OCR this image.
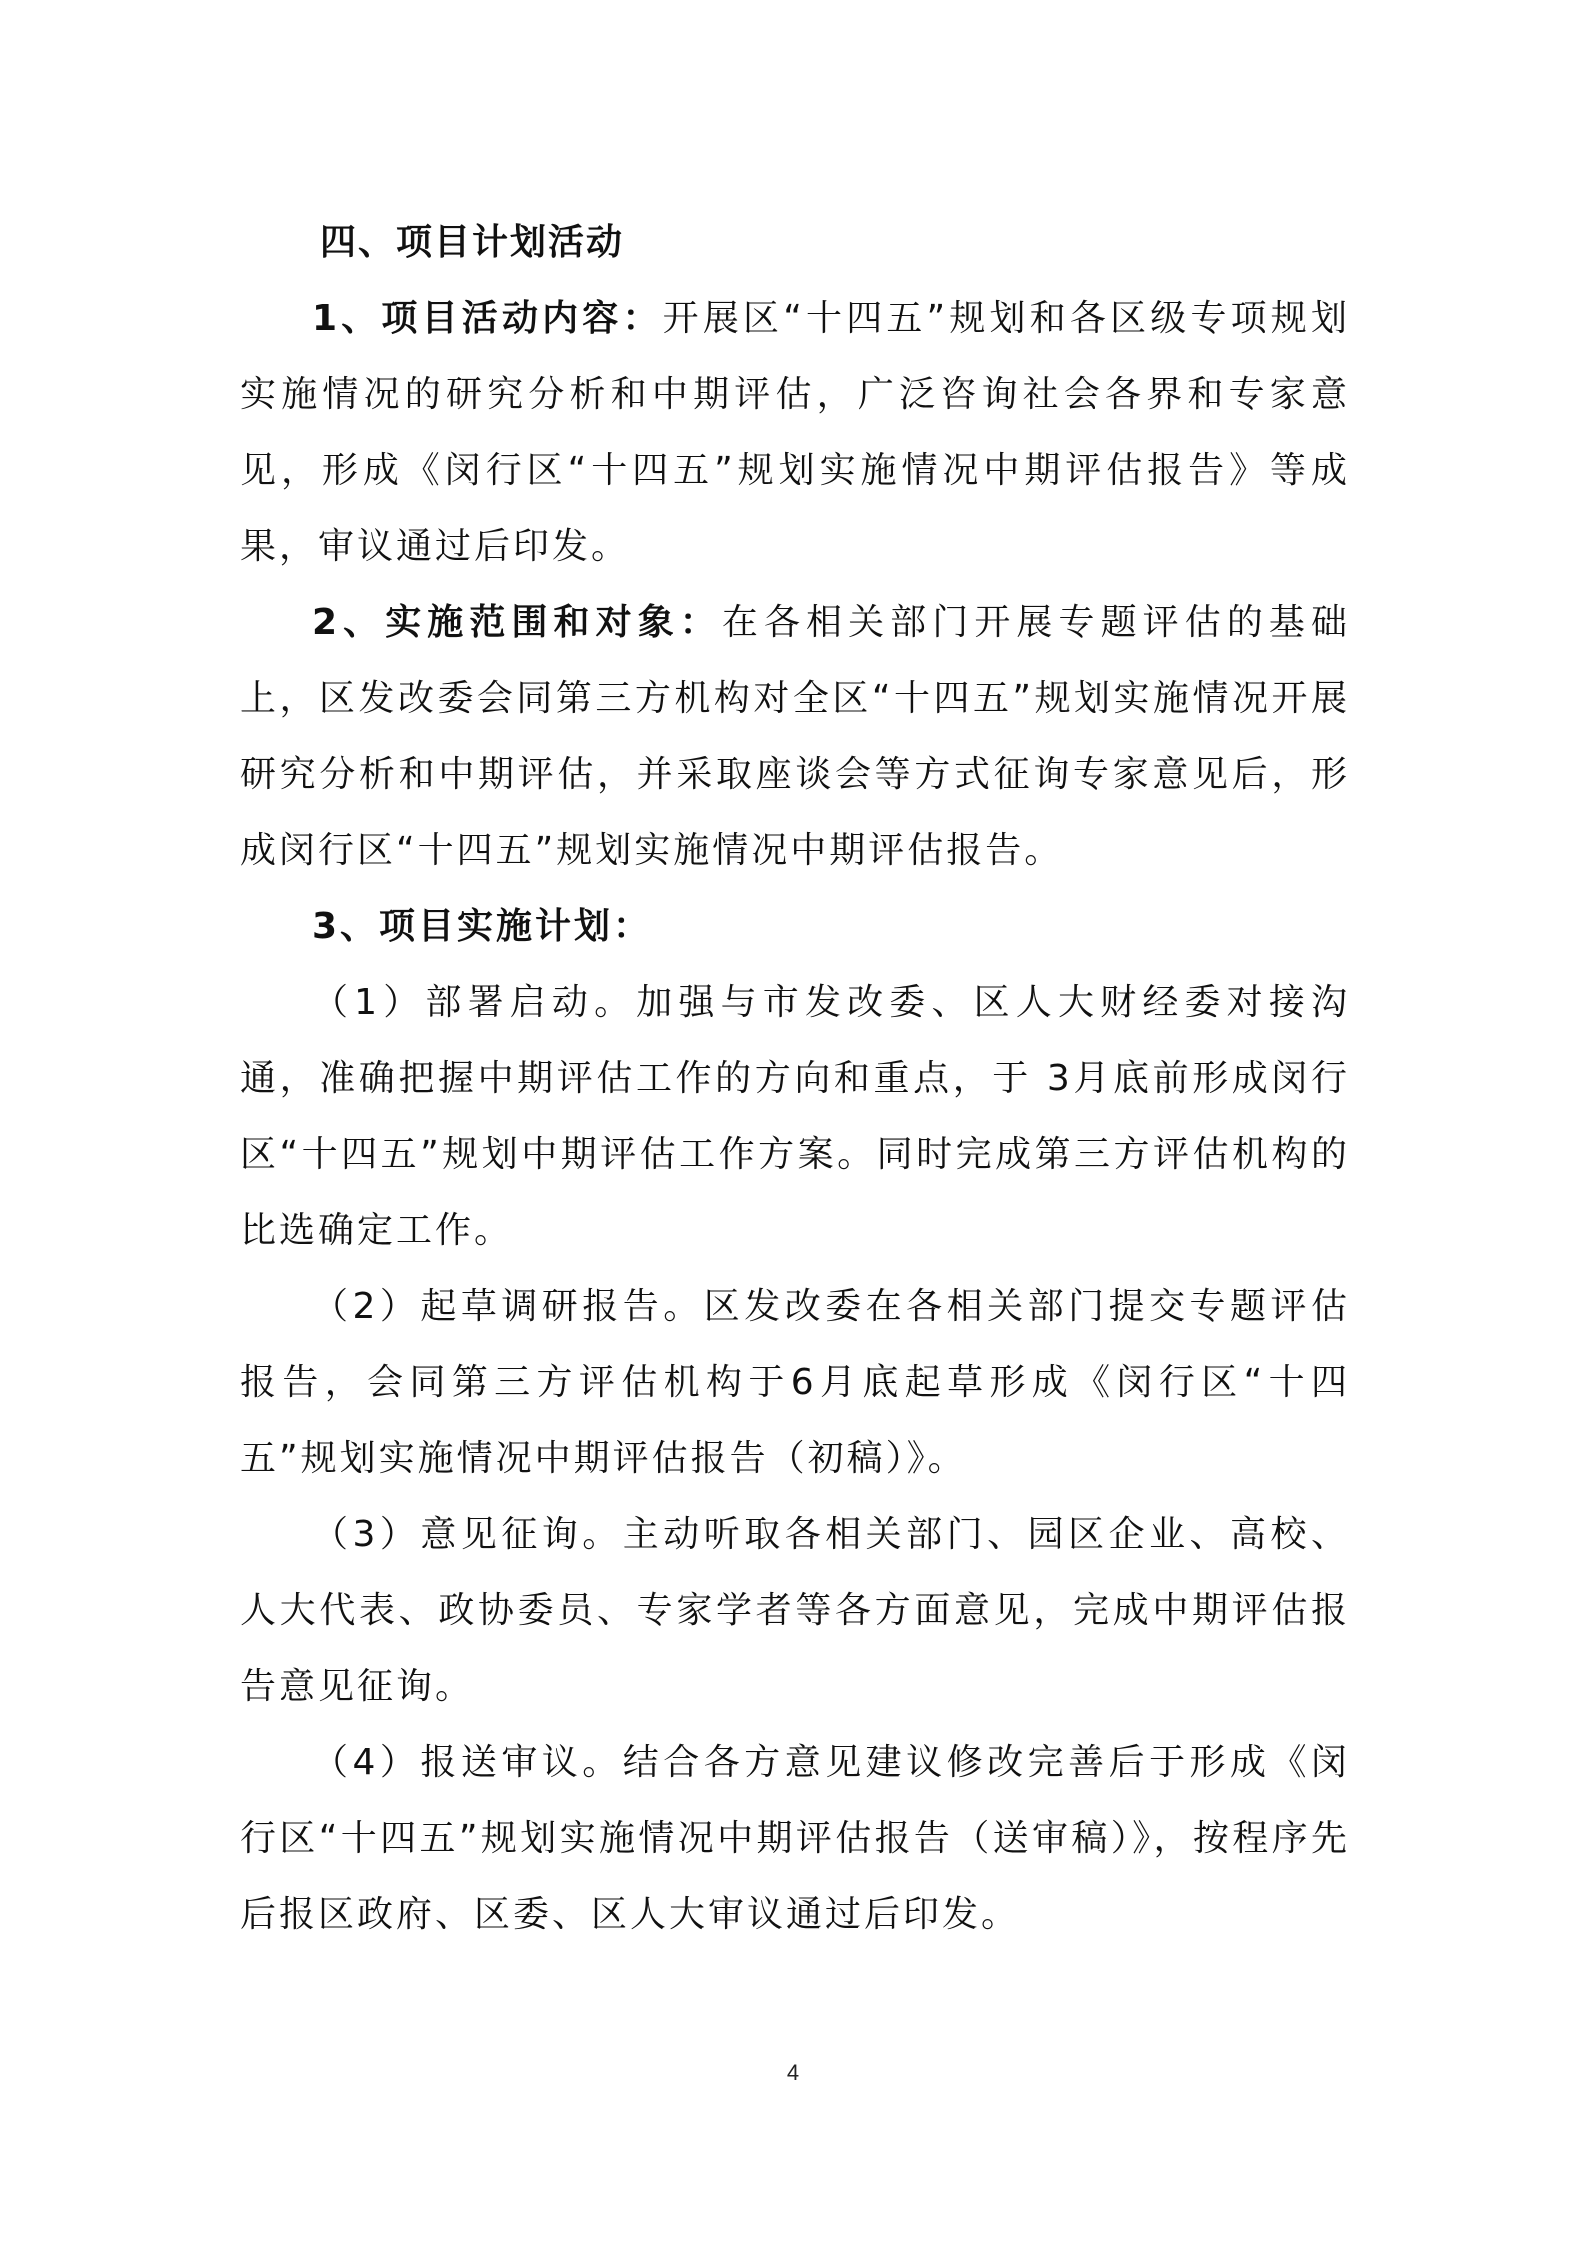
四、项目计划活动

1、项目活动内容：开展区“十四五”规划和各区级专项规划实施情况的研究分析和中期评估，广泛咨询社会各界和专家意见，形成《闵行区“十四五”规划实施情况中期评估报告》等成果，审议通过后印发。

2、实施范围和对象：在各相关部门开展专题评估的基础上，区发改委会同第三方机构对全区“十四五”规划实施情况开展研究分析和中期评估，并采取座谈会等方式征询专家意见后，形成闵行区“十四五”规划实施情况中期评估报告。

3、项目实施计划：

（1）部署启动。加强与市发改委、区人大财经委对接沟通，准确把握中期评估工作的方向和重点，于 3月底前形成闵行区“十四五”规划中期评估工作方案。同时完成第三方评估机构的比选确定工作。

（2）起草调研报告。区发改委在各相关部门提交专题评估报告，会同第三方评估机构于6月底起草形成《闵行区“十四五”规划实施情况中期评估报告（初稿）》。

（3）意见征询。主动听取各相关部门、园区企业、高校、人大代表、政协委员、专家学者等各方面意见，完成中期评估报告意见征询。

（4）报送审议。结合各方意见建议修改完善后于形成《闵行区“十四五”规划实施情况中期评估报告（送审稿）》，按程序先后报区政府、区委、区人大审议通过后印发。

4
